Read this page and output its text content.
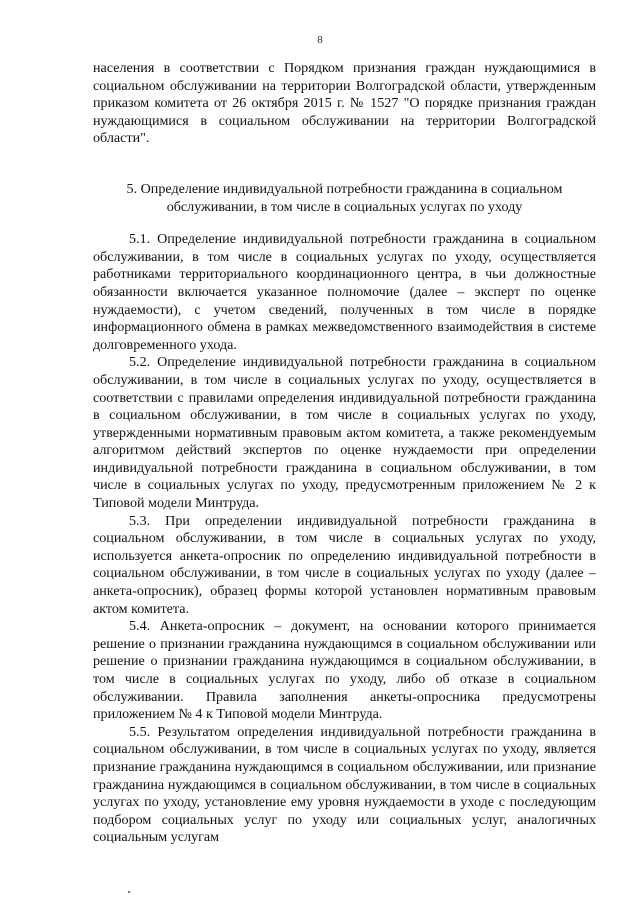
8

населения в соответствии с Порядком признания граждан нуждающимися в социальном обслуживании на территории Волгоградской области, утвержденным приказом комитета от 26 октября 2015 г. № 1527 "О порядке признания граждан нуждающимися в социальном обслуживании на территории Волгоградской области".

5. Определение индивидуальной потребности гражданина в социальном обслуживании, в том числе в социальных услугах по уходу

5.1. Определение индивидуальной потребности гражданина в социальном обслуживании, в том числе в социальных услугах по уходу, осуществляется работниками территориального координационного центра, в чьи должностные обязанности включается указанное полномочие (далее – эксперт по оценке нуждаемости), с учетом сведений, полученных в том числе в порядке информационного обмена в рамках межведомственного взаимодействия в системе долговременного ухода.

5.2. Определение индивидуальной потребности гражданина в социальном обслуживании, в том числе в социальных услугах по уходу, осуществляется в соответствии с правилами определения индивидуальной потребности гражданина в социальном обслуживании, в том числе в социальных услугах по уходу, утвержденными нормативным правовым актом комитета, а также рекомендуемым алгоритмом действий экспертов по оценке нуждаемости при определении индивидуальной потребности гражданина в социальном обслуживании, в том числе в социальных услугах по уходу, предусмотренным приложением № 2 к Типовой модели Минтруда.

5.3. При определении индивидуальной потребности гражданина в социальном обслуживании, в том числе в социальных услугах по уходу, используется анкета-опросник по определению индивидуальной потребности в социальном обслуживании, в том числе в социальных услугах по уходу (далее – анкета-опросник), образец формы которой установлен нормативным правовым актом комитета.

5.4. Анкета-опросник – документ, на основании которого принимается решение о признании гражданина нуждающимся в социальном обслуживании или решение о признании гражданина нуждающимся в социальном обслуживании, в том числе в социальных услугах по уходу, либо об отказе в социальном обслуживании. Правила заполнения анкеты-опросника предусмотрены приложением № 4 к Типовой модели Минтруда.

5.5. Результатом определения индивидуальной потребности гражданина в социальном обслуживании, в том числе в социальных услугах по уходу, является признание гражданина нуждающимся в социальном обслуживании, или признание гражданина нуждающимся в социальном обслуживании, в том числе в социальных услугах по уходу, установление ему уровня нуждаемости в уходе с последующим подбором социальных услуг по уходу или социальных услуг, аналогичных социальным услугам
